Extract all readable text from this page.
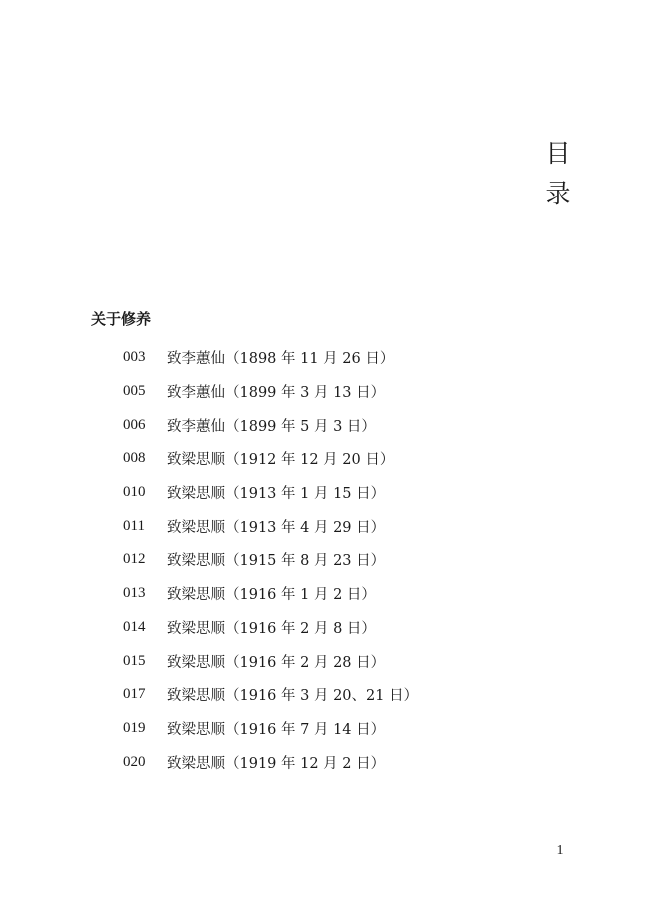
目
录
关于修养
003	致李蕙仙（1898 年 11 月 26 日）
005	致李蕙仙（1899 年 3 月 13 日）
006	致李蕙仙（1899 年 5 月 3 日）
008	致梁思顺（1912 年 12 月 20 日）
010	致梁思顺（1913 年 1 月 15 日）
011	致梁思顺（1913 年 4 月 29 日）
012	致梁思顺（1915 年 8 月 23 日）
013	致梁思顺（1916 年 1 月 2 日）
014	致梁思顺（1916 年 2 月 8 日）
015	致梁思顺（1916 年 2 月 28 日）
017	致梁思顺（1916 年 3 月 20、21 日）
019	致梁思顺（1916 年 7 月 14 日）
020	致梁思顺（1919 年 12 月 2 日）
1
